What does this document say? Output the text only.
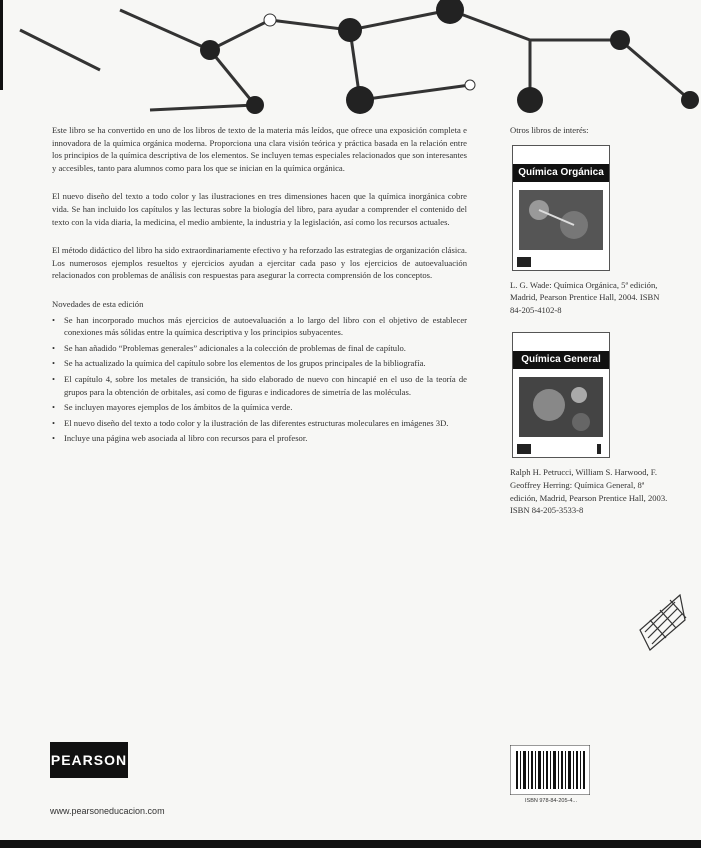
Este libro se ha convertido en uno de los libros de texto de la materia más leídos, que ofrece una exposición completa e innovadora de la química orgánica moderna. Proporciona una clara visión teórica y práctica basada en la relación entre los principios de la química descriptiva de los elementos. Se incluyen temas especiales relacionados que son interesantes y accesibles, tanto para alumnos como para los que se inician en la química orgánica.

El nuevo diseño del texto a todo color y las ilustraciones en tres dimensiones hacen que la química inorgánica cobre vida. Se han incluido los capítulos y las lecturas sobre la biología del libro, para ayudar a comprender el contenido del texto con la vida diaria, la medicina, el medio ambiente, la industria y la legislación, así como los recursos actuales.

El método didáctico del libro ha sido extraordinariamente efectivo y ha reforzado las estrategias de organización clásica. Los numerosos ejemplos resueltos y ejercicios ayudan a ejercitar cada paso y los ejercicios de autoevaluación relacionados con problemas de análisis con respuestas para asegurar la correcta comprensión de los conceptos.

Novedades de esta edición
• Se han incorporado muchos más ejercicios de autoevaluación a lo largo del libro con el objetivo de establecer conexiones más sólidas entre la química descriptiva y los principios subyacentes.
• Se han añadido “Problemas generales” adicionales a la colección de problemas de final de capítulo.
• Se ha actualizado la química del capítulo sobre los elementos de los grupos principales de la bibliografía.
• El capítulo 4, sobre los metales de transición, ha sido elaborado de nuevo con hincapié en el uso de la teoría de grupos para la obtención de orbitales, así como de figuras e indicadores de simetría de las moléculas.
• Se incluyen mayores ejemplos de los ámbitos de la química verde.
• El nuevo diseño del texto a todo color y la ilustración de las diferentes estructuras moleculares en imágenes 3D.
• Incluye una página web asociada al libro con recursos para el profesor.
Otros libros de interés:
Química Orgánica
L. G. Wade: Química Orgánica, 5ª edición, Madrid, Pearson Prentice Hall, 2004. ISBN 84-205-4102-8
Química General
Ralph H. Petrucci, William S. Harwood, F. Geoffrey Herring: Química General, 8ª edición, Madrid, Pearson Prentice Hall, 2003. ISBN 84-205-3533-8
PEARSON
www.pearsoneducacion.com
ISBN 978-84-205-4...
